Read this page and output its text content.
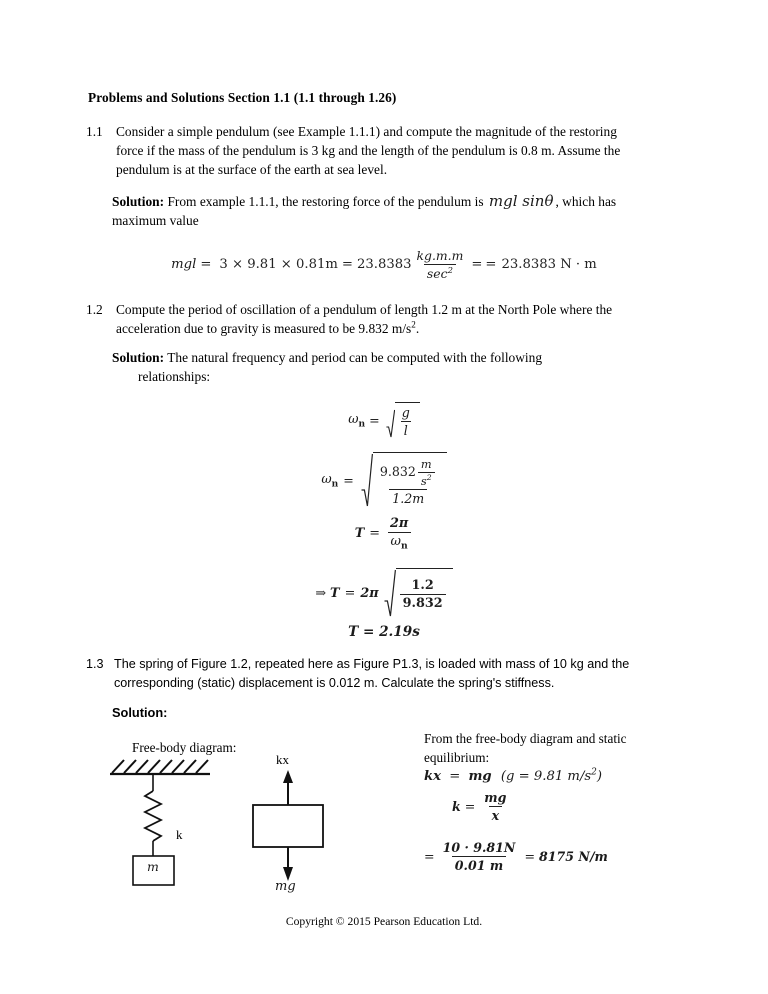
Problems and Solutions Section 1.1 (1.1 through 1.26)
1.1 Consider a simple pendulum (see Example 1.1.1) and compute the magnitude of the restoring force if the mass of the pendulum is 3 kg and the length of the pendulum is 0.8 m. Assume the pendulum is at the surface of the earth at sea level.
Solution: From example 1.1.1, the restoring force of the pendulum is mgl sinθ , which has maximum value
mgl = $3 \times 9.81 \times 0.81m = 23.8383 \frac{kg.m.m}{\sec^2}$ = = 23.8383 N · m
1.2 Compute the period of oscillation of a pendulum of length 1.2 m at the North Pole where the acceleration due to gravity is measured to be 9.832 $m/s^2$.
Solution: The natural frequency and period can be computed with the following
relationships:
$\omega_n$ =	$\frac{g}{l}$
$\omega_n$ =	$\frac{9.832 \frac{m}{s^2}}{1.2m}$
$T = \frac{2\pi}{\omega_n}$
⇒ $T = 2\pi \frac{1.2}{9.832}$
T = 2.19s
1.3 The spring of Figure 1.2, repeated here as Figure P1.3, is loaded with mass of 10 kg and the corresponding (static) displacement is 0.012 m. Calculate the spring's stiffness.
Solution:
Free-body diagram:
k
m
kx
mg
From the free-body diagram and static
equilibrium:
kx = mg (g = 9.81 $m/s^2$)
$k = \frac{mg}{x}$
= $\frac{10 \cdot 9.81N}{0.01 m} = 8175$ N/m
Copyright © 2015 Pearson Education Ltd.
